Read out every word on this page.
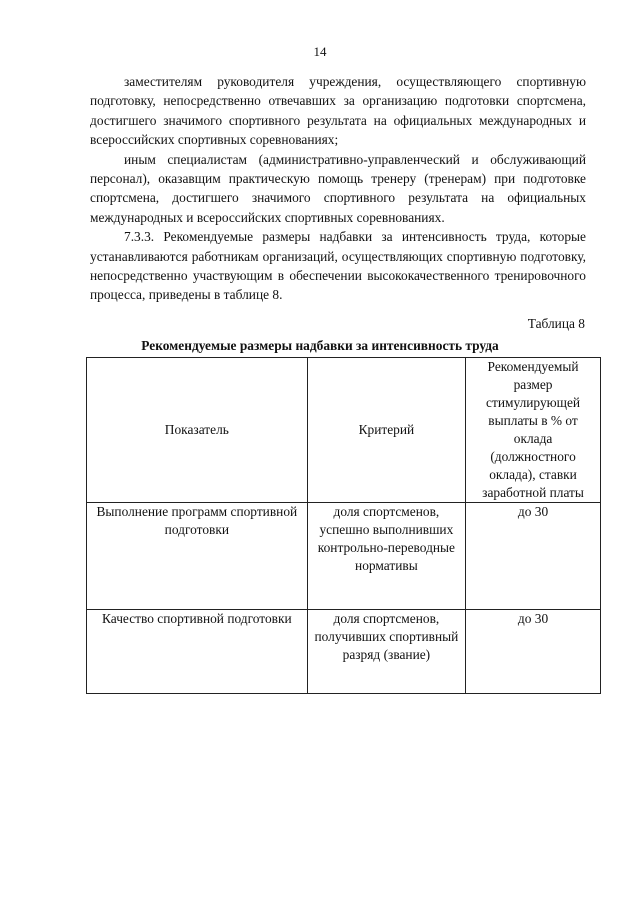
14

заместителям руководителя учреждения, осуществляющего спортивную подготовку, непосредственно отвечавших за организацию подготовки спортсмена, достигшего значимого спортивного результата на официальных международных и всероссийских спортивных соревнованиях;

иным специалистам (административно-управленческий и обслуживающий персонал), оказавщим практическую помощь тренеру (тренерам) при подготовке спортсмена, достигшего значимого спортивного результата на официальных международных и всероссийских спортивных соревнованиях.

7.3.3. Рекомендуемые размеры надбавки за интенсивность труда, которые устанавливаются работникам организаций, осуществляющих спортивную подготовку, непосредственно участвующим в обеспечении высококачественного тренировочного процесса, приведены в таблице 8.

Таблица 8
Рекомендуемые размеры надбавки за интенсивность труда
Показатель	Критерий	Рекомендуемый размер стимулирующей выплаты в % от оклада (должностного оклада), ставки заработной платы
Выполнение программ спортивной подготовки	доля спортсменов, успешно выполнивших контрольно-переводные нормативы	до 30
Качество спортивной подготовки	доля спортсменов, получивших спортивный разряд (звание)	до 30
